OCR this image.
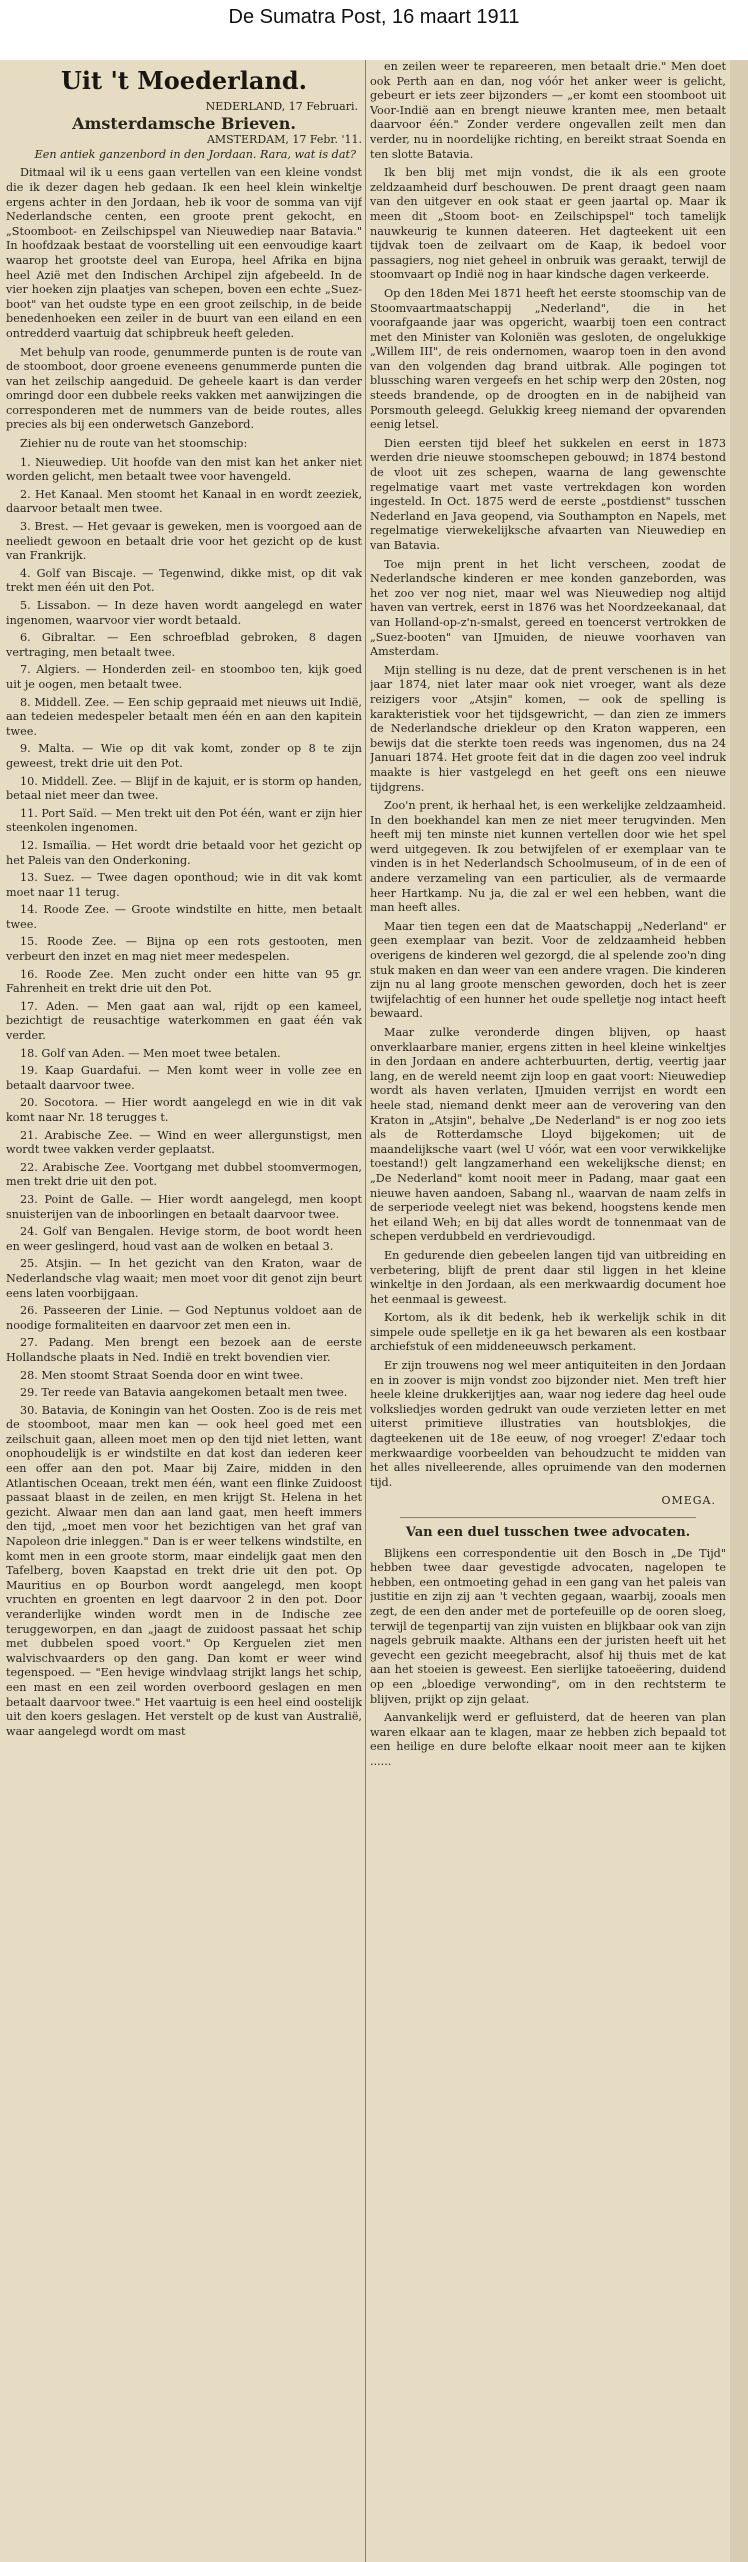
De Sumatra Post, 16 maart 1911
Uit 't Moederland.
NEDERLAND, 17 Februari.
Amsterdamsche Brieven.
AMSTERDAM, 17 Febr. '11.
Een antiek ganzenbord in den Jordaan. Rara, wat is dat?

Ditmaal wil ik u eens gaan vertellen van een kleine vondst die ik dezer dagen heb gedaan. Ik een heel klein winkeltje ergens achter in den Jordaan, heb ik voor de somma van vijf Nederlandsche centen, een groote prent gekocht, en „Stoomboot- en Zeilschipspel van Nieuwediep naar Batavia." In hoofdzaak bestaat de voorstelling uit een eenvoudige kaart waarop het grootste deel van Europa, heel Afrika en bijna heel Azië met den Indischen Archipel zijn afgebeeld. In de vier hoeken zijn plaatjes van schepen, boven een echte „Suez-boot" van het oudste type en een groot zeilschip, in de beide benedenhoeken een zeiler in de buurt van een eiland en een ontredderd vaartuig dat schipbreuk heeft geleden.

Met behulp van roode, genummerde punten is de route van de stoomboot, door groene eveneens genummerde punten die van het zeilschip aangeduid. De geheele kaart is dan verder omringd door een dubbele reeks vakken met aanwijzingen die corresponderen met de nummers van de beide routes, alles precies als bij een onderwetsch Ganzebord.

Ziehier nu de route van het stoomschip:

1. Nieuwediep. Uit hoofde van den mist kan het anker niet worden gelicht, men betaalt twee voor havengeld.
2. Het Kanaal. Men stoomt het Kanaal in en wordt zeeziek, daarvoor betaalt men twee.
3. Brest. — Het gevaar is geweken, men is voorgoed aan de neeliedt gewoon en betaalt drie voor het gezicht op de kust van Frankrijk.
4. Golf van Biscaje. — Tegenwind, dikke mist, op dit vak trekt men één uit den Pot.
5. Lissabon. — In deze haven wordt aangelegd en water ingenomen, waarvoor vier wordt betaald.
6. Gibraltar. — Een schroefblad gebroken, 8 dagen vertraging, men betaalt twee.
7. Algiers. — Honderden zeil- en stoomboo ten, kijk goed uit je oogen, men betaalt twee.
8. Middell. Zee. — Een schip gepraaid met nieuws uit Indië, aan tedeien medespeler betaalt men één en aan den kapitein twee.
9. Malta. — Wie op dit vak komt, zonder op 8 te zijn geweest, trekt drie uit den Pot.
10. Middell. Zee. — Blijf in de kajuit, er is storm op handen, betaal niet meer dan twee.
11. Port Saïd. — Men trekt uit den Pot één, want er zijn hier steenkolen ingenomen.
12. Ismaïlia. — Het wordt drie betaald voor het gezicht op het Paleis van den Onderkoning.
13. Suez. — Twee dagen oponthoud; wie in dit vak komt moet naar 11 terug.
14. Roode Zee. — Groote windstilte en hitte, men betaalt twee.
15. Roode Zee. — Bijna op een rots gestooten, men verbeurt den inzet en mag niet meer medespelen.
16. Roode Zee. Men zucht onder een hitte van 95 gr. Fahrenheit en trekt drie uit den Pot.
17. Aden. — Men gaat aan wal, rijdt op een kameel, bezichtigt de reusachtige waterkommen en gaat één vak verder.
18. Golf van Aden. — Men moet twee betalen.
19. Kaap Guardafui. — Men komt weer in volle zee en betaalt daarvoor twee.
20. Socotora. — Hier wordt aangelegd en wie in dit vak komt naar Nr. 18 terugges t.
21. Arabische Zee. — Wind en weer allergunstigst, men wordt twee vakken verder geplaatst.
22. Arabische Zee. Voortgang met dubbel stoomvermogen, men trekt drie uit den pot.
23. Point de Galle. — Hier wordt aangelegd, men koopt snuisterijen van de inboorlingen en betaalt daarvoor twee.
24. Golf van Bengalen. Hevige storm, de boot wordt heen en weer geslingerd, houd vast aan de wolken en betaal 3.
25. Atsjin. — In het gezicht van den Kraton, waar de Nederlandsche vlag waait; men moet voor dit genot zijn beurt eens laten voorbijgaan.
26. Passeeren der Linie. — God Neptunus voldoet aan de noodige formaliteiten en daarvoor zet men een in.
27. Padang. Men brengt een bezoek aan de eerste Hollandsche plaats in Ned. Indië en trekt bovendien vier.
28. Men stoomt Straat Soenda door en wint twee.
29. Ter reede van Batavia aangekomen betaalt men twee.
30. Batavia, de Koningin van het Oosten. Zoo is de reis met de stoomboot, maar men kan — ook heel goed met een zeilschuit gaan, alleen moet men op den tijd niet letten, want onophoudelijk is er windstilte en dat kost dan iederen keer een offer aan den pot. Maar bij Zaire, midden in den Atlantischen Oceaan, trekt men één, want een flinke Zuidoost passaat blaast in de zeilen, en men krijgt St. Helena in het gezicht. Alwaar men dan aan land gaat, men heeft immers den tijd, „moet men voor het bezichtigen van het graf van Napoleon drie inleggen." Dan is er weer telkens windstilte, en komt men in een groote storm, maar eindelijk gaat men den Tafelberg, boven Kaapstad en trekt drie uit den pot. Op Mauritius en op Bourbon wordt aangelegd, men koopt vruchten en groenten en legt daarvoor 2 in den pot. Door veranderlijke winden wordt men in de Indische zee teruggeworpen, en dan „jaagt de zuidoost passaat het schip met dubbelen spoed voort." Op Kerguelen ziet men walvischvaarders op den gang. Dan komt er weer wind tegenspoed. — "Een hevige windvlaag strijkt langs het schip, een mast en een zeil worden overboord geslagen en men betaalt daarvoor twee." Het vaartuig is een heel eind oostelijk uit den koers geslagen. Het verstelt op de kust van Australië, waar aangelegd wordt om mast

en zeilen weer te repareeren, men betaalt drie." Men doet ook Perth aan en dan, nog vóór het anker weer is gelicht, gebeurt er iets zeer bijzonders — „er komt een stoomboot uit Voor-Indië aan en brengt nieuwe kranten mee, men betaalt daarvoor één." Zonder verdere ongevallen zeilt men dan verder, nu in noordelijke richting, en bereikt straat Soenda en ten slotte Batavia.

Ik ben blij met mijn vondst, die ik als een groote zeldzaamheid durf beschouwen. De prent draagt geen naam van den uitgever en ook staat er geen jaartal op. Maar ik meen dit „Stoom boot- en Zeilschipspel" toch tamelijk nauwkeurig te kunnen dateeren. Het dagteekent uit een tijdvak toen de zeilvaart om de Kaap, ik bedoel voor passagiers, nog niet geheel in onbruik was geraakt, terwijl de stoomvaart op Indië nog in haar kindsche dagen verkeerde.

Op den 18den Mei 1871 heeft het eerste stoomschip van de Stoomvaartmaatschappij „Nederland", die in het voorafgaande jaar was opgericht, waarbij toen een contract met den Minister van Koloniën was gesloten, de ongelukkige „Willem III", de reis ondernomen, waarop toen in den avond van den volgenden dag brand uitbrak. Alle pogingen tot blussching waren vergeefs en het schip werp den 20sten, nog steeds brandende, op de droogten en in de nabijheid van Porsmouth geleegd. Gelukkig kreeg niemand der opvarenden eenig letsel.

Dien eersten tijd bleef het sukkelen en eerst in 1873 werden drie nieuwe stoomschepen gebouwd; in 1874 bestond de vloot uit zes schepen, waarna de lang gewenschte regelmatige vaart met vaste vertrekdagen kon worden ingesteld. In Oct. 1875 werd de eerste „postdienst" tusschen Nederland en Java geopend, via Southampton en Napels, met regelmatige vierwekelijksche afvaarten van Nieuwediep en van Batavia.

Toe mijn prent in het licht verscheen, zoodat de Nederlandsche kinderen er mee konden ganzeborden, was het zoo ver nog niet, maar wel was Nieuwediep nog altijd haven van vertrek, eerst in 1876 was het Noordzeekanaal, dat van Holland-op-z'n-smalst, gereed en toencerst vertrokken de „Suez-booten" van IJmuiden, de nieuwe voorhaven van Amsterdam.

Mijn stelling is nu deze, dat de prent verschenen is in het jaar 1874, niet later maar ook niet vroeger, want als deze reizigers voor „Atsjin" komen, — ook de spelling is karakteristiek voor het tijdsgewricht, — dan zien ze immers de Nederlandsche driekleur op den Kraton wapperen, een bewijs dat die sterkte toen reeds was ingenomen, dus na 24 Januari 1874. Het groote feit dat in die dagen zoo veel indruk maakte is hier vastgelegd en het geeft ons een nieuwe tijdgrens.

Zoo'n prent, ik herhaal het, is een werkelijke zeldzaamheid. In den boekhandel kan men ze niet meer terugvinden. Men heeft mij ten minste niet kunnen vertellen door wie het spel werd uitgegeven. Ik zou betwijfelen of er exemplaar van te vinden is in het Nederlandsch Schoolmuseum, of in de een of andere verzameling van een particulier, als de vermaarde heer Hartkamp. Nu ja, die zal er wel een hebben, want die man heeft alles.

Maar tien tegen een dat de Maatschappij „Nederland" er geen exemplaar van bezit. Voor de zeldzaamheid hebben overigens de kinderen wel gezorgd, die al spelende zoo'n ding stuk maken en dan weer van een andere vragen. Die kinderen zijn nu al lang groote menschen geworden, doch het is zeer twijfelachtig of een hunner het oude spelletje nog intact heeft bewaard.

Maar zulke veronderde dingen blijven, op haast onverklaarbare manier, ergens zitten in heel kleine winkeltjes in den Jordaan en andere achterbuurten, dertig, veertig jaar lang, en de wereld neemt zijn loop en gaat voort: Nieuwediep wordt als haven verlaten, IJmuiden verrijst en wordt een heele stad, niemand denkt meer aan de verovering van den Kraton in „Atsjin", behalve „De Nederland" is er nog zoo iets als de Rotterdamsche Lloyd bijgekomen; uit de maandelijksche vaart (wel U vóór, wat een voor verwikkelijke toestand!) gelt langzamerhand een wekelijksche dienst; en „De Nederland" komt nooit meer in Padang, maar gaat een nieuwe haven aandoen, Sabang nl., waarvan de naam zelfs in de serperiode veelegt niet was bekend, hoogstens kende men het eiland Weh; en bij dat alles wordt de tonnenmaat van de schepen verdubbeld en verdrievoudigd.

En gedurende dien gebeelen langen tijd van uitbreiding en verbetering, blijft de prent daar stil liggen in het kleine winkeltje in den Jordaan, als een merkwaardig document hoe het eenmaal is geweest.

Kortom, als ik dit bedenk, heb ik werkelijk schik in dit simpele oude spelletje en ik ga het bewaren als een kostbaar archiefstuk of een middeneeuwsch perkament.

Er zijn trouwens nog wel meer antiquiteiten in den Jordaan en in zoover is mijn vondst zoo bijzonder niet. Men treft hier heele kleine drukkerijtjes aan, waar nog iedere dag heel oude volksliedjes worden gedrukt van oude verzieten letter en met uiterst primitieve illustraties van houtsblokjes, die dagteekenen uit de 18e eeuw, of nog vroeger! Z'edaar toch merkwaardige voorbeelden van behoudzucht te midden van het alles nivelleerende, alles opruimende van den modernen tijd.

OMEGA.
Van een duel tusschen twee advocaten.

Blijkens een correspondentie uit den Bosch in „De Tijd" hebben twee daar gevestigde advocaten, nagelopen te hebben, een ontmoeting gehad in een gang van het paleis van justitie en zijn zij aan 't vechten gegaan, waarbij, zooals men zegt, de een den ander met de portefeuille op de ooren sloeg, terwijl de tegenpartij van zijn vuisten en blijkbaar ook van zijn nagels gebruik maakte. Althans een der juristen heeft uit het gevecht een gezicht meegebracht, alsof hij thuis met de kat aan het stoeien is geweest. Een sierlijke tatoeëering, duidend op een „bloedige verwonding", om in den rechtsterm te blijven, prijkt op zijn gelaat.

Aanvankelijk werd er gefluisterd, dat de heeren van plan waren elkaar aan te klagen, maar ze hebben zich bepaald tot een heilige en dure belofte elkaar nooit meer aan te kijken ......
